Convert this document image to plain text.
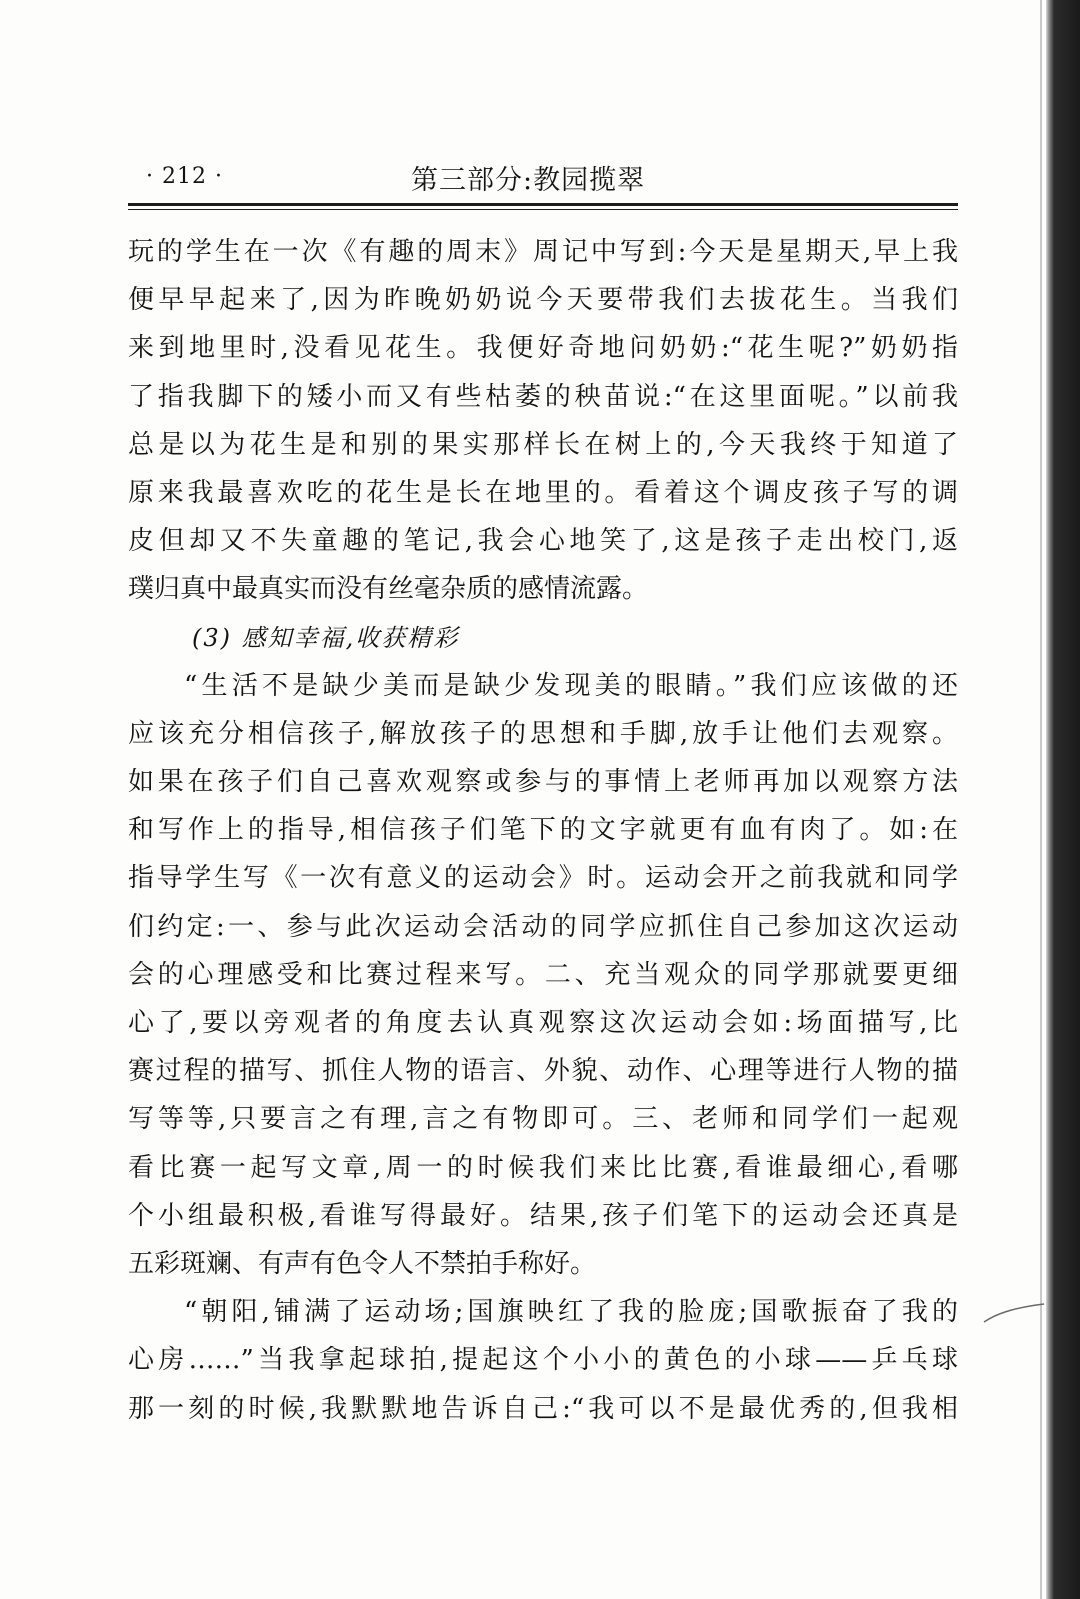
· 212 ·	第三部分:教园揽翠
玩的学生在一次《有趣的周末》周记中写到:今天是星期天,早上我
便早早起来了,因为昨晚奶奶说今天要带我们去拔花生。当我们
来到地里时,没看见花生。我便好奇地问奶奶:“花生呢?”奶奶指
了指我脚下的矮小而又有些枯萎的秧苗说:“在这里面呢。”以前我
总是以为花生是和别的果实那样长在树上的,今天我终于知道了
原来我最喜欢吃的花生是长在地里的。看着这个调皮孩子写的调
皮但却又不失童趣的笔记,我会心地笑了,这是孩子走出校门,返
璞归真中最真实而没有丝毫杂质的感情流露。
(3) 感知幸福,收获精彩
“生活不是缺少美而是缺少发现美的眼睛。”我们应该做的还
应该充分相信孩子,解放孩子的思想和手脚,放手让他们去观察。
如果在孩子们自己喜欢观察或参与的事情上老师再加以观察方法
和写作上的指导,相信孩子们笔下的文字就更有血有肉了。如:在
指导学生写《一次有意义的运动会》时。运动会开之前我就和同学
们约定:一、参与此次运动会活动的同学应抓住自己参加这次运动
会的心理感受和比赛过程来写。二、充当观众的同学那就要更细
心了,要以旁观者的角度去认真观察这次运动会如:场面描写,比
赛过程的描写、抓住人物的语言、外貌、动作、心理等进行人物的描
写等等,只要言之有理,言之有物即可。三、老师和同学们一起观
看比赛一起写文章,周一的时候我们来比比赛,看谁最细心,看哪
个小组最积极,看谁写得最好。结果,孩子们笔下的运动会还真是
五彩斑斓、有声有色令人不禁拍手称好。
“朝阳,铺满了运动场;国旗映红了我的脸庞;国歌振奋了我的
心房……”当我拿起球拍,提起这个小小的黄色的小球——乒乓球
那一刻的时候,我默默地告诉自己:“我可以不是最优秀的,但我相
